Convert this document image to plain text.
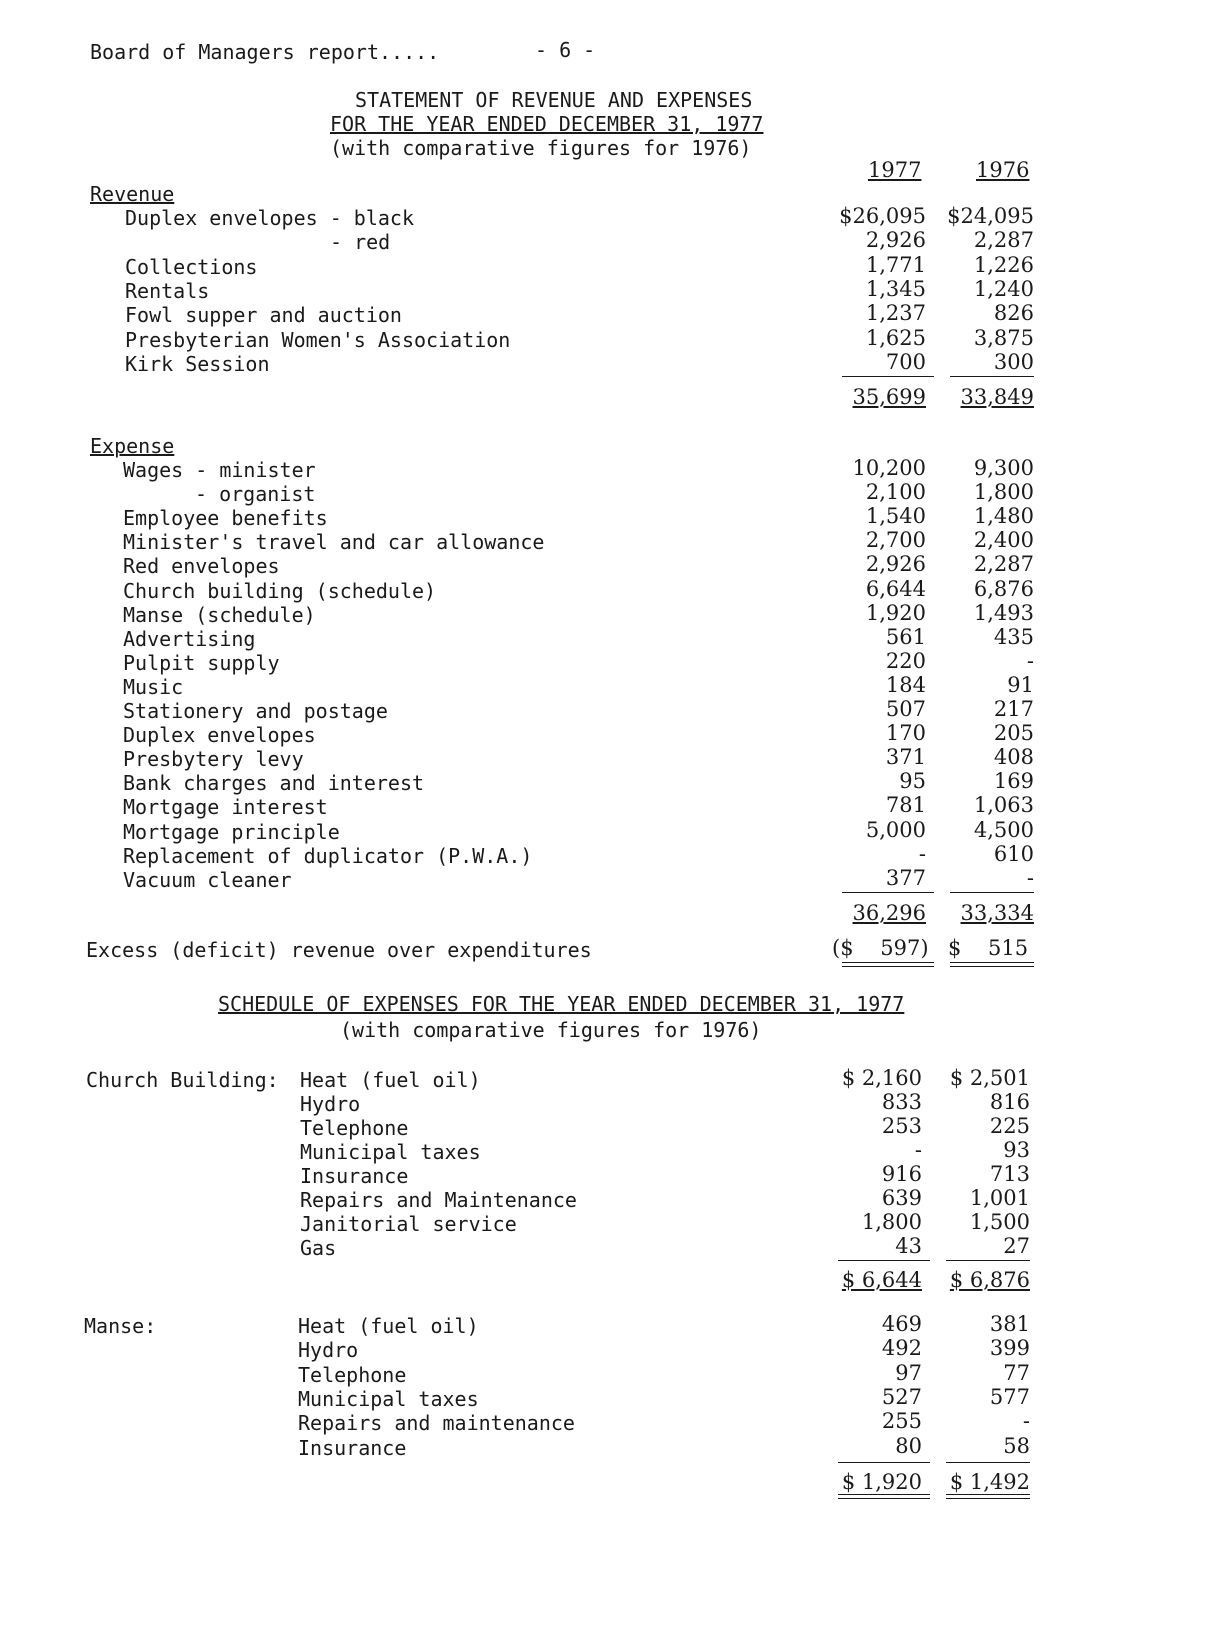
Board of Managers report.....	- 6 -
STATEMENT OF REVENUE AND EXPENSES
FOR THE YEAR ENDED DECEMBER 31, 1977
(with comparative figures for 1976)
1977	1976
Revenue
Duplex envelopes - black	$26,095 $24,095
- red	2,926 2,287
Collections	1,771 1,226
Rentals	1,345 1,240
Fowl supper and auction	1,237	826
Presbyterian Women's Association	1,625 3,875
Kirk Session	700	300
35,699 33,849
Expense
Wages - minister	10,200 9,300
- organist	2,100 1,800
Employee benefits	1,540 1,480
Minister's travel and car allowance	2,700 2,400
Red envelopes	2,926 2,287
Church building (schedule)	6,644 6,876
Manse (schedule)	1,920 1,493
Advertising	561	435
Pulpit supply	220	-
Music	184	91
Stationery and postage	507	217
Duplex envelopes	170	205
Presbytery levy	371	408
Bank charges and interest	95	169
Mortgage interest	781 1,063
Mortgage principle	5,000 4,500
Replacement of duplicator (P.W.A.)	-	610
Vacuum cleaner	377	-
36,296 33,334
Excess (deficit) revenue over expenditures	($    597) $    515
SCHEDULE OF EXPENSES FOR THE YEAR ENDED DECEMBER 31, 1977
(with comparative figures for 1976)
Church Building: Heat (fuel oil)	$ 2,160 $ 2,501
Hydro	833	816
Telephone	253	225
Municipal taxes	-	93
Insurance	916	713
Repairs and Maintenance	639 1,001
Janitorial service	1,800 1,500
Gas	43	27
$ 6,644 $ 6,876
Manse:	Heat (fuel oil)	469	381
Hydro	492	399
Telephone	97	77
Municipal taxes	527	577
Repairs and maintenance	255	-
Insurance	80	58
$ 1,920 $ 1,492
